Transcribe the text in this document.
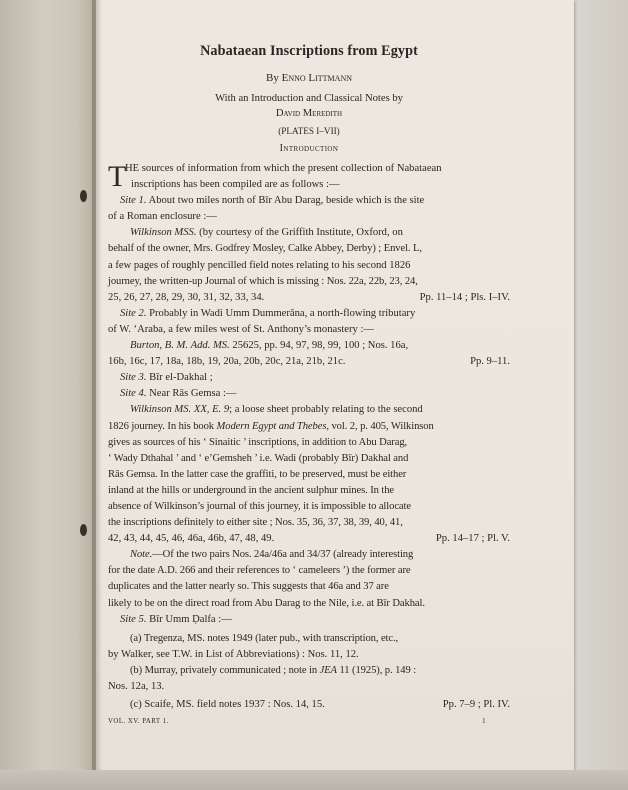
Nabataean Inscriptions from Egypt
By Enno Littmann

With an Introduction and Classical Notes by

David Meredith

(PLATES I–VII)
Introduction
T
HE sources of information from which the present collection of Nabataean
inscriptions has been compiled are as follows :—
Site 1. About two miles north of Bīr Abu Darag, beside which is the site
of a Roman enclosure :—
Wilkinson MSS. (by courtesy of the Griffith Institute, Oxford, on
behalf of the owner, Mrs. Godfrey Mosley, Calke Abbey, Derby) ; Envel. L,
a few pages of roughly pencilled field notes relating to his second 1826
journey, the written-up Journal of which is missing : Nos. 22a, 22b, 23, 24,
25, 26, 27, 28, 29, 30, 31, 32, 33, 34.	Pp. 11–14 ; Pls. I–IV.
Site 2. Probably in Wadi Umm Dummerāna, a north-flowing tributary
of W. ‘Araba, a few miles west of St. Anthony’s monastery :—
Burton, B. M. Add. MS. 25625, pp. 94, 97, 98, 99, 100 ; Nos. 16a,
16b, 16c, 17, 18a, 18b, 19, 20a, 20b, 20c, 21a, 21b, 21c.	Pp. 9–11.
Site 3. Bīr el-Dakhal ;
Site 4. Near Rās Gemsa :—
Wilkinson MS. XX, E. 9; a loose sheet probably relating to the second
1826 journey. In his book Modern Egypt and Thebes, vol. 2, p. 405, Wilkinson
gives as sources of his ‘ Sinaitic ’ inscriptions, in addition to Abu Darag,
‘ Wady Dthahal ’ and ‘ e’Gemsheh ’ i.e. Wadi (probably Bīr) Dakhal and
Rās Gemsa. In the latter case the graffiti, to be preserved, must be either
inland at the hills or underground in the ancient sulphur mines. In the
absence of Wilkinson’s journal of this journey, it is impossible to allocate
the inscriptions definitely to either site ; Nos. 35, 36, 37, 38, 39, 40, 41,
42, 43, 44, 45, 46, 46a, 46b, 47, 48, 49.	Pp. 14–17 ; Pl. V.
Note.—Of the two pairs Nos. 24a/46a and 34/37 (already interesting
for the date A.D. 266 and their references to ‘ cameleers ’) the former are
duplicates and the latter nearly so. This suggests that 46a and 37 are
likely to be on the direct road from Abu Darag to the Nile, i.e. at Bīr Dakhal.
Site 5. Bīr Umm Ḍalfa :—
(a) Tregenza, MS. notes 1949 (later pub., with transcription, etc.,
by Walker, see T.W. in List of Abbreviations) : Nos. 11, 12.
(b) Murray, privately communicated ; note in JEA 11 (1925), p. 149 :
Nos. 12a, 13.
(c) Scaife, MS. field notes 1937 : Nos. 14, 15.	Pp. 7–9 ; Pl. IV.
VOL. XV. PART 1.	1
